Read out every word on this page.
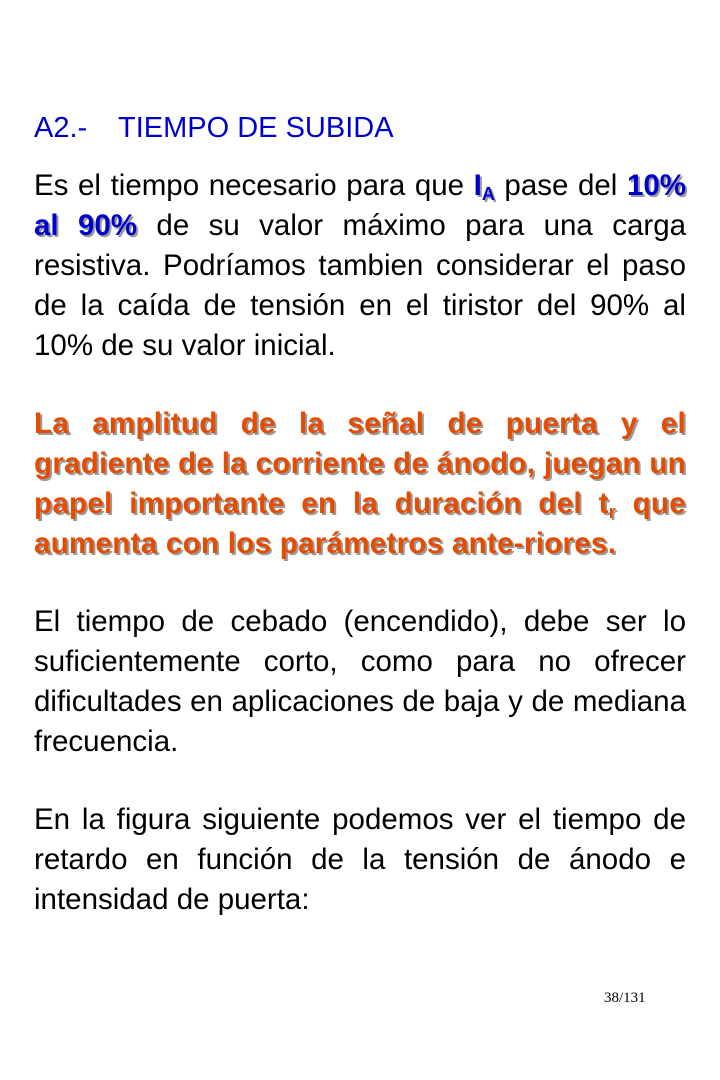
A2.- TIEMPO DE SUBIDA

Es el tiempo necesario para que $I_A$ pase del 10% al 90% de su valor máximo para una carga resistiva. Podríamos tambien considerar el paso de la caída de tensión en el tiristor del 90% al 10% de su valor inicial.

La amplitud de la señal de puerta y el gradiente de la corriente de ánodo, juegan un papel importante en la duración del $t_r$ que aumenta con los parámetros ante-riores.

El tiempo de cebado (encendido), debe ser lo suficientemente corto, como para no ofrecer dificultades en aplicaciones de baja y de mediana frecuencia.

En la figura siguiente podemos ver el tiempo de retardo en función de la tensión de ánodo e intensidad de puerta:

38/131
